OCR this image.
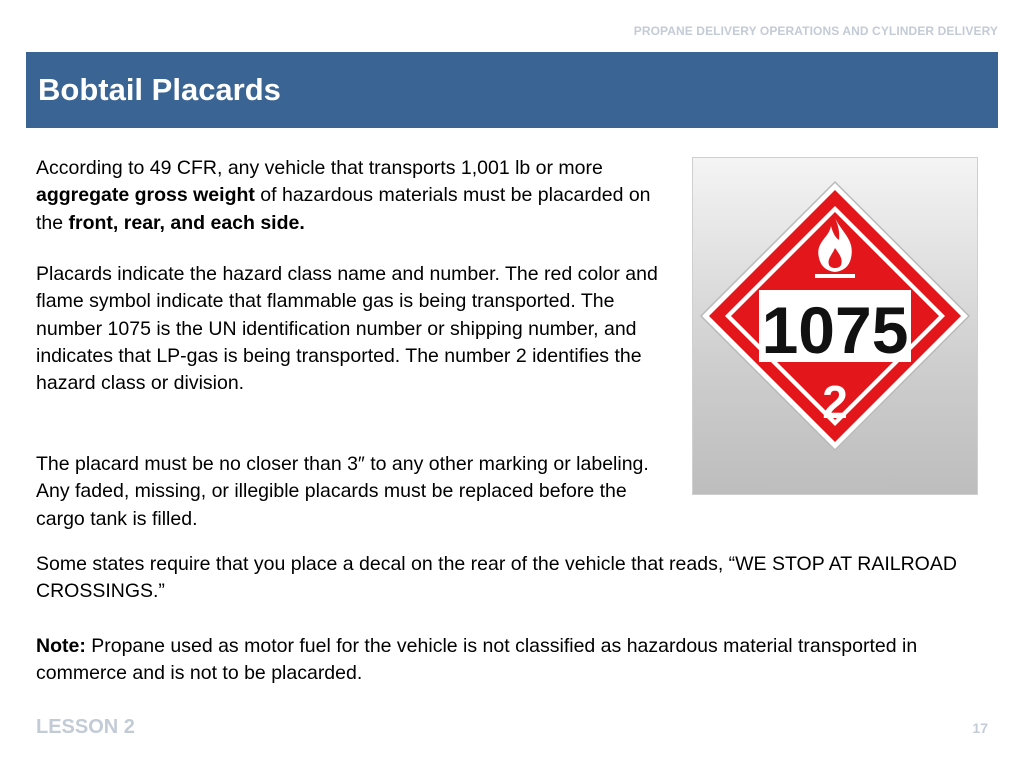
PROPANE DELIVERY OPERATIONS AND CYLINDER DELIVERY
Bobtail Placards

According to 49 CFR, any vehicle that transports 1,001 lb or more aggregate gross weight of hazardous materials must be placarded on the front, rear, and each side.

Placards indicate the hazard class name and number. The red color and flame symbol indicate that flammable gas is being transported. The number 1075 is the UN identification number or shipping number, and indicates that LP-gas is being transported. The number 2 identifies the hazard class or division.

The placard must be no closer than 3″ to any other marking or labeling. Any faded, missing, or illegible placards must be replaced before the cargo tank is filled.

Some states require that you place a decal on the rear of the vehicle that reads, “WE STOP AT RAILROAD CROSSINGS.”

Note: Propane used as motor fuel for the vehicle is not classified as hazardous material transported in commerce and is not to be placarded.

1075
2
LESSON 2	17
